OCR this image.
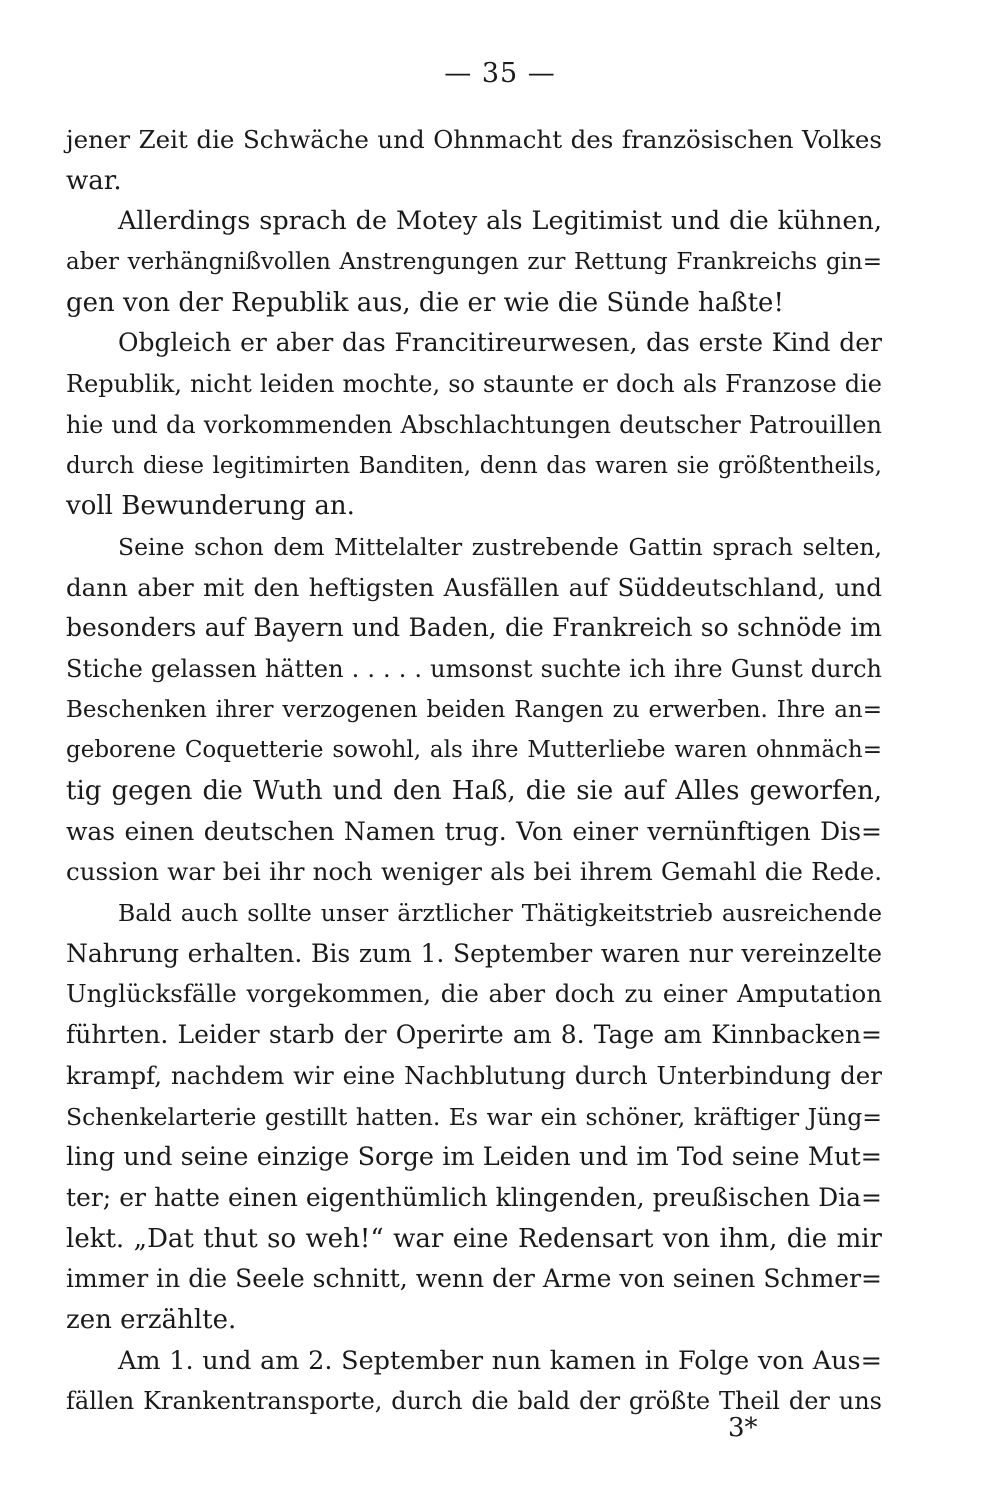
— 35 —
jener Zeit die Schwäche und Ohnmacht des französischen Volkes
war.
Allerdings sprach de Motey als Legitimist und die kühnen,
aber verhängnißvollen Anstrengungen zur Rettung Frankreichs gin=
gen von der Republik aus, die er wie die Sünde haßte!
Obgleich er aber das Francitireurwesen, das erste Kind der
Republik, nicht leiden mochte, so staunte er doch als Franzose die
hie und da vorkommenden Abschlachtungen deutscher Patrouillen
durch diese legitimirten Banditen, denn das waren sie größtentheils,
voll Bewunderung an.
Seine schon dem Mittelalter zustrebende Gattin sprach selten,
dann aber mit den heftigsten Ausfällen auf Süddeutschland, und
besonders auf Bayern und Baden, die Frankreich so schnöde im
Stiche gelassen hätten . . . . . umsonst suchte ich ihre Gunst durch
Beschenken ihrer verzogenen beiden Rangen zu erwerben. Ihre an=
geborene Coquetterie sowohl, als ihre Mutterliebe waren ohnmäch=
tig gegen die Wuth und den Haß, die sie auf Alles geworfen,
was einen deutschen Namen trug. Von einer vernünftigen Dis=
cussion war bei ihr noch weniger als bei ihrem Gemahl die Rede.
Bald auch sollte unser ärztlicher Thätigkeitstrieb ausreichende
Nahrung erhalten. Bis zum 1. September waren nur vereinzelte
Unglücksfälle vorgekommen, die aber doch zu einer Amputation
führten. Leider starb der Operirte am 8. Tage am Kinnbacken=
krampf, nachdem wir eine Nachblutung durch Unterbindung der
Schenkelarterie gestillt hatten. Es war ein schöner, kräftiger Jüng=
ling und seine einzige Sorge im Leiden und im Tod seine Mut=
ter; er hatte einen eigenthümlich klingenden, preußischen Dia=
lekt. „Dat thut so weh!“ war eine Redensart von ihm, die mir
immer in die Seele schnitt, wenn der Arme von seinen Schmer=
zen erzählte.
Am 1. und am 2. September nun kamen in Folge von Aus=
fällen Krankentransporte, durch die bald der größte Theil der uns
3*
